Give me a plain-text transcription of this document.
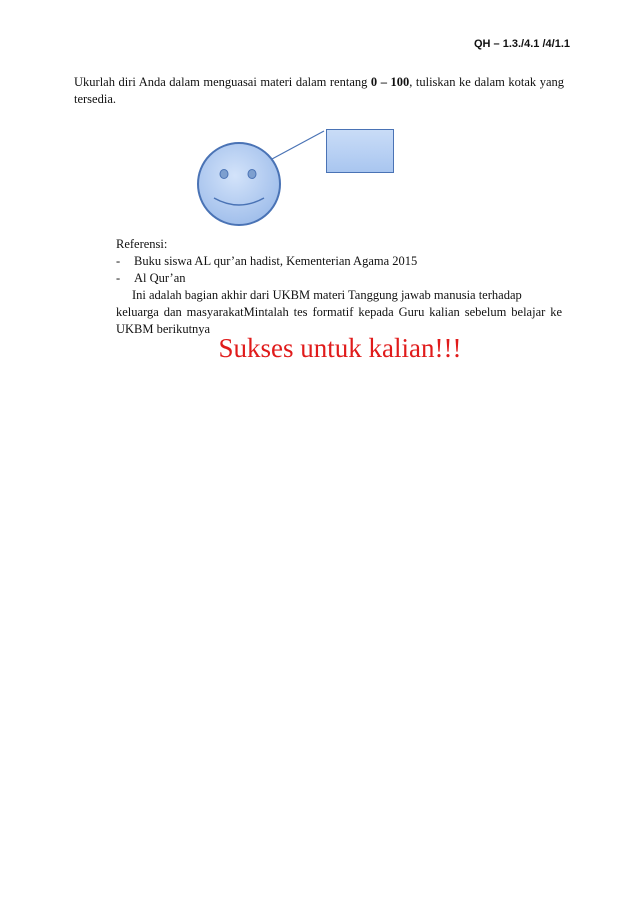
QH – 1.3./4.1 /4/1.1
Ukurlah diri Anda dalam menguasai materi dalam rentang 0 – 100, tuliskan ke dalam kotak yang tersedia.
Referensi:
-	Buku siswa AL qur’an hadist, Kementerian Agama 2015
-	Al Qur’an
Ini adalah bagian akhir dari UKBM materi Tanggung jawab manusia terhadap
keluarga dan masyarakatMintalah tes formatif kepada Guru kalian sebelum belajar ke UKBM berikutnya
Sukses untuk kalian!!!
